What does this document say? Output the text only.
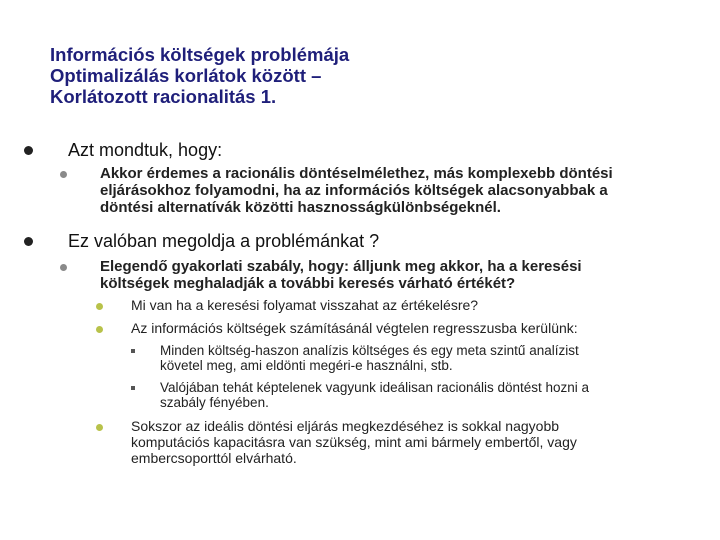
Információs költségek problémája
Optimalizálás korlátok között –
Korlátozott racionalitás 1.
Azt mondtuk, hogy:
Akkor érdemes a racionális döntéselmélethez, más komplexebb döntési
eljárásokhoz folyamodni, ha az információs költségek alacsonyabbak a
döntési alternatívák közötti hasznosságkülönbségeknél.
Ez valóban megoldja a problémánkat ?
Elegendő gyakorlati szabály, hogy: álljunk meg akkor, ha a keresési
költségek meghaladják a további keresés várható értékét?
Mi van ha a keresési folyamat visszahat az értékelésre?
Az információs költségek számításánál végtelen regresszusba kerülünk:
Minden költség-haszon analízis költséges és egy meta szintű analízist
követel meg, ami eldönti megéri-e használni, stb.
Valójában tehát képtelenek vagyunk ideálisan racionális döntést hozni a
szabály fényében.
Sokszor az ideális döntési eljárás megkezdéséhez is sokkal nagyobb
komputációs kapacitásra van szükség, mint ami bármely embertől, vagy
embercsoporttól elvárható.
